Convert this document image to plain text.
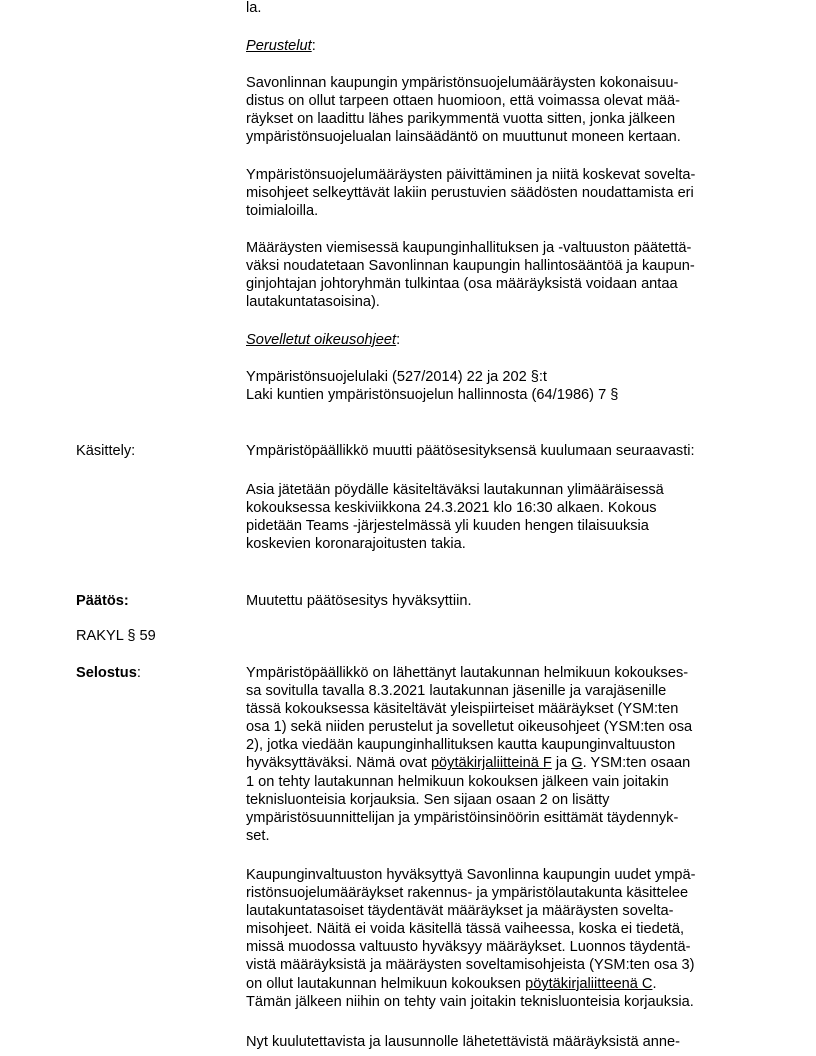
la.
Perustelut:
Savonlinnan kaupungin ympäristönsuojelumääräysten kokonaisuu-
distus on ollut tarpeen ottaen huomioon, että voimassa olevat mää-
räykset on laadittu lähes parikymmentä vuotta sitten, jonka jälkeen
ympäristönsuojelualan lainsäädäntö on muuttunut moneen kertaan.
Ympäristönsuojelumääräysten päivittäminen ja niitä koskevat sovelta-
misohjeet selkeyttävät lakiin perustuvien säädösten noudattamista eri
toimialoilla.
Määräysten viemisessä kaupunginhallituksen ja -valtuuston päätettä-
väksi noudatetaan Savonlinnan kaupungin hallintosääntöä ja kaupun-
ginjohtajan johtoryhmän tulkintaa (osa määräyksistä voidaan antaa
lautakuntatasoisina).
Sovelletut oikeusohjeet:
Ympäristönsuojelulaki (527/2014) 22 ja 202 §:t
Laki kuntien ympäristönsuojelun hallinnosta (64/1986) 7 §
Käsittely:	Ympäristöpäällikkö muutti päätösesityksensä kuulumaan seuraavasti:
Asia jätetään pöydälle käsiteltäväksi lautakunnan ylimääräisessä
kokouksessa keskiviikkona 24.3.2021 klo 16:30 alkaen. Kokous
pidetään Teams -järjestelmässä yli kuuden hengen tilaisuuksia
koskevien koronarajoitusten takia.
Päätös:	Muutettu päätösesitys hyväksyttiin.
RAKYL § 59
Selostus:	Ympäristöpäällikkö on lähettänyt lautakunnan helmikuun kokoukses-
sa sovitulla tavalla 8.3.2021 lautakunnan jäsenille ja varajäsenille
tässä kokouksessa käsiteltävät yleispiirteiset määräykset (YSM:ten
osa 1) sekä niiden perustelut ja sovelletut oikeusohjeet (YSM:ten osa
2), jotka viedään kaupunginhallituksen kautta kaupunginvaltuuston
hyväksyttäväksi. Nämä ovat pöytäkirjaliitteinä F ja G. YSM:ten osaan
1 on tehty lautakunnan helmikuun kokouksen jälkeen vain joitakin
teknisluonteisia korjauksia. Sen sijaan osaan 2 on lisätty
ympäristösuunnittelijan ja ympäristöinsinöörin esittämät täydennyk-
set.
Kaupunginvaltuuston hyväksyttyä Savonlinna kaupungin uudet ympä-
ristönsuojelumääräykset rakennus- ja ympäristölautakunta käsittelee
lautakuntatasoiset täydentävät määräykset ja määräysten sovelta-
misohjeet. Näitä ei voida käsitellä tässä vaiheessa, koska ei tiedetä,
missä muodossa valtuusto hyväksyy määräykset. Luonnos täydentä-
vistä määräyksistä ja määräysten soveltamisohjeista (YSM:ten osa 3)
on ollut lautakunnan helmikuun kokouksen pöytäkirjaliitteenä C.
Tämän jälkeen niihin on tehty vain joitakin teknisluonteisia korjauksia.
Nyt kuulutettavista ja lausunnolle lähetettävistä määräyksistä anne-
